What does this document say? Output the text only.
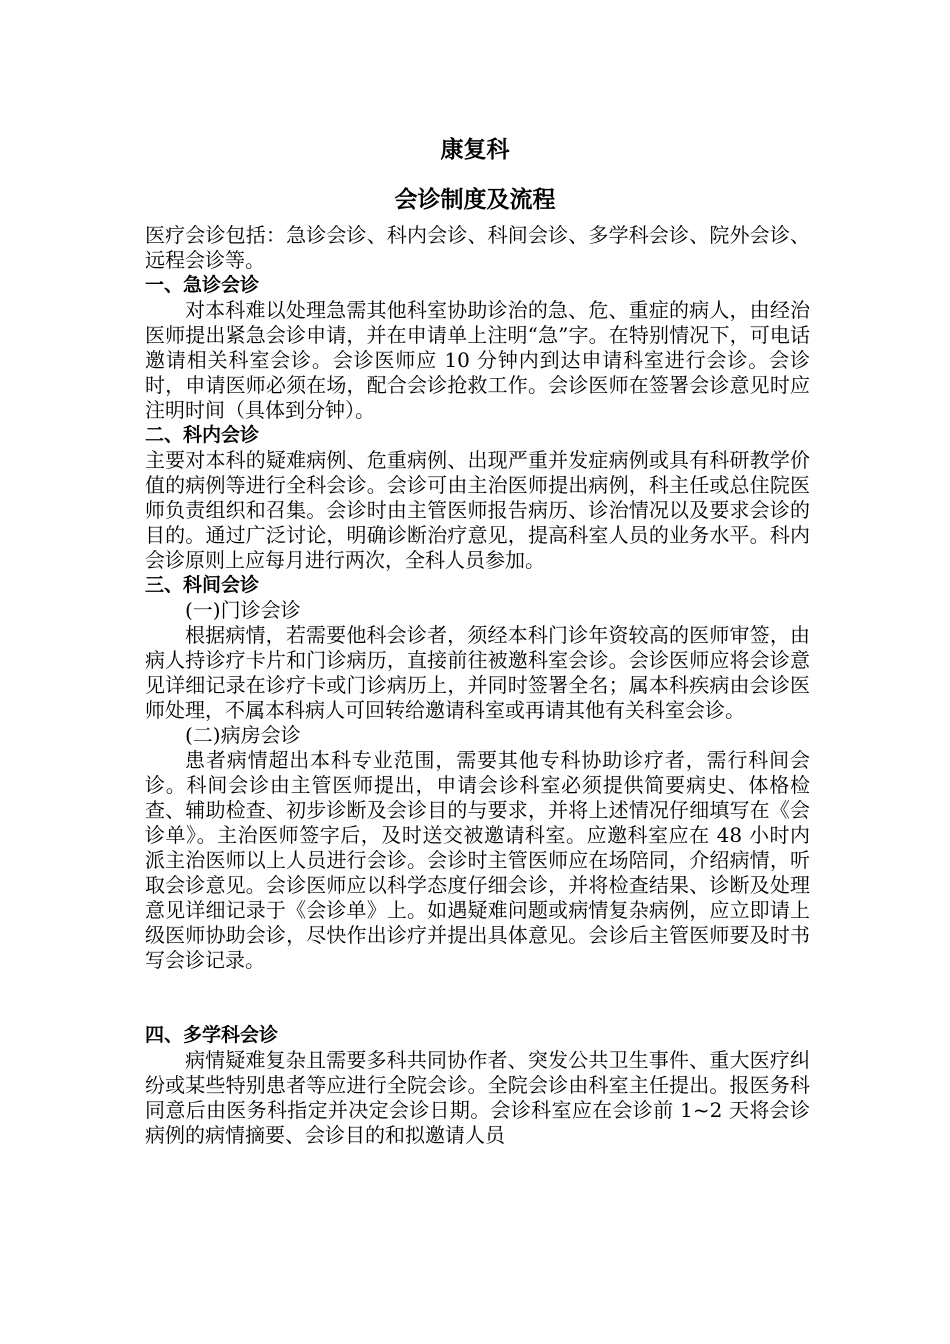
康复科
会诊制度及流程

医疗会诊包括：急诊会诊、科内会诊、科间会诊、多学科会诊、院外会诊、远程会诊等。

一、急诊会诊

对本科难以处理急需其他科室协助诊治的急、危、重症的病人，由经治医师提出紧急会诊申请，并在申请单上注明“急”字。在特别情况下，可电话邀请相关科室会诊。会诊医师应 10 分钟内到达申请科室进行会诊。会诊时，申请医师必须在场，配合会诊抢救工作。会诊医师在签署会诊意见时应注明时间（具体到分钟）。

二、科内会诊

主要对本科的疑难病例、危重病例、出现严重并发症病例或具有科研教学价值的病例等进行全科会诊。会诊可由主治医师提出病例，科主任或总住院医师负责组织和召集。会诊时由主管医师报告病历、诊治情况以及要求会诊的目的。通过广泛讨论，明确诊断治疗意见，提高科室人员的业务水平。科内会诊原则上应每月进行两次，全科人员参加。

三、科间会诊

(一)门诊会诊

根据病情，若需要他科会诊者，须经本科门诊年资较高的医师审签，由病人持诊疗卡片和门诊病历，直接前往被邀科室会诊。会诊医师应将会诊意见详细记录在诊疗卡或门诊病历上，并同时签署全名；属本科疾病由会诊医师处理，不属本科病人可回转给邀请科室或再请其他有关科室会诊。

(二)病房会诊

患者病情超出本科专业范围，需要其他专科协助诊疗者，需行科间会诊。科间会诊由主管医师提出，申请会诊科室必须提供简要病史、体格检查、辅助检查、初步诊断及会诊目的与要求，并将上述情况仔细填写在《会诊单》。主治医师签字后，及时送交被邀请科室。应邀科室应在 48 小时内派主治医师以上人员进行会诊。会诊时主管医师应在场陪同，介绍病情，听取会诊意见。会诊医师应以科学态度仔细会诊，并将检查结果、诊断及处理意见详细记录于《会诊单》上。如遇疑难问题或病情复杂病例，应立即请上级医师协助会诊，尽快作出诊疗并提出具体意见。会诊后主管医师要及时书写会诊记录。

四、多学科会诊

病情疑难复杂且需要多科共同协作者、突发公共卫生事件、重大医疗纠纷或某些特别患者等应进行全院会诊。全院会诊由科室主任提出。报医务科同意后由医务科指定并决定会诊日期。会诊科室应在会诊前 1~2 天将会诊病例的病情摘要、会诊目的和拟邀请人员
